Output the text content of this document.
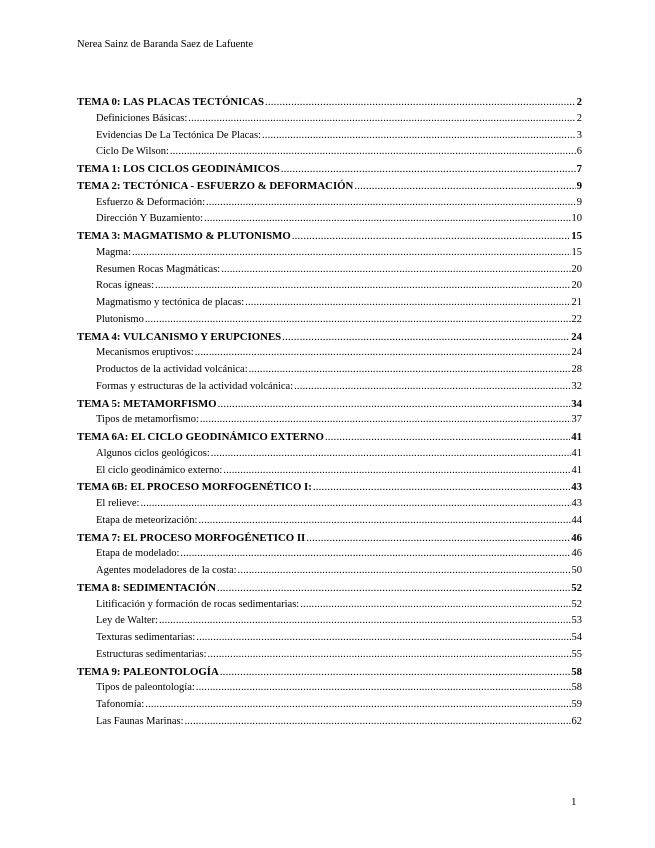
Nerea Sainz de Baranda Saez de Lafuente
TEMA 0: LAS PLACAS TECTÓNICAS .....	2
Definiciones Básicas: .....	2
Evidencias De La Tectónica De Placas: .....	3
Ciclo De Wilson: .....	6
TEMA 1: LOS CICLOS GEODINÁMICOS .....	7
TEMA 2: TECTÓNICA - ESFUERZO & DEFORMACIÓN .....	9
Esfuerzo & Deformación: .....	9
Dirección Y Buzamiento: .....	10
TEMA 3: MAGMATISMO & PLUTONISMO .....	15
Magma: .....	15
Resumen Rocas Magmáticas: .....	20
Rocas ígneas: .....	20
Magmatismo y tectónica de placas: .....	21
Plutonismo .....	22
TEMA 4: VULCANISMO Y ERUPCIONES .....	24
Mecanismos eruptivos: .....	24
Productos de la actividad volcánica: .....	28
Formas y estructuras de la actividad volcánica: .....	32
TEMA 5: METAMORFISMO .....	34
Tipos de metamorfismo: .....	37
TEMA 6A: EL CICLO GEODINÁMICO EXTERNO .....	41
Algunos ciclos geológicos: .....	41
El ciclo geodinámico externo: .....	41
TEMA 6B: EL PROCESO MORFOGENÉTICO I: .....	43
El relieve: .....	43
Etapa de meteorización: .....	44
TEMA 7: EL PROCESO MORFOGÉNETICO II .....	46
Etapa de modelado: .....	46
Agentes modeladores de la costa: .....	50
TEMA 8: SEDIMENTACIÓN .....	52
Litificación y formación de rocas sedimentarias: .....	52
Ley de Walter: .....	53
Texturas sedimentarias: .....	54
Estructuras sedimentarias: .....	55
TEMA 9: PALEONTOLOGÍA .....	58
Tipos de paleontología: .....	58
Tafonomía: .....	59
Las Faunas Marinas: .....	62
1
